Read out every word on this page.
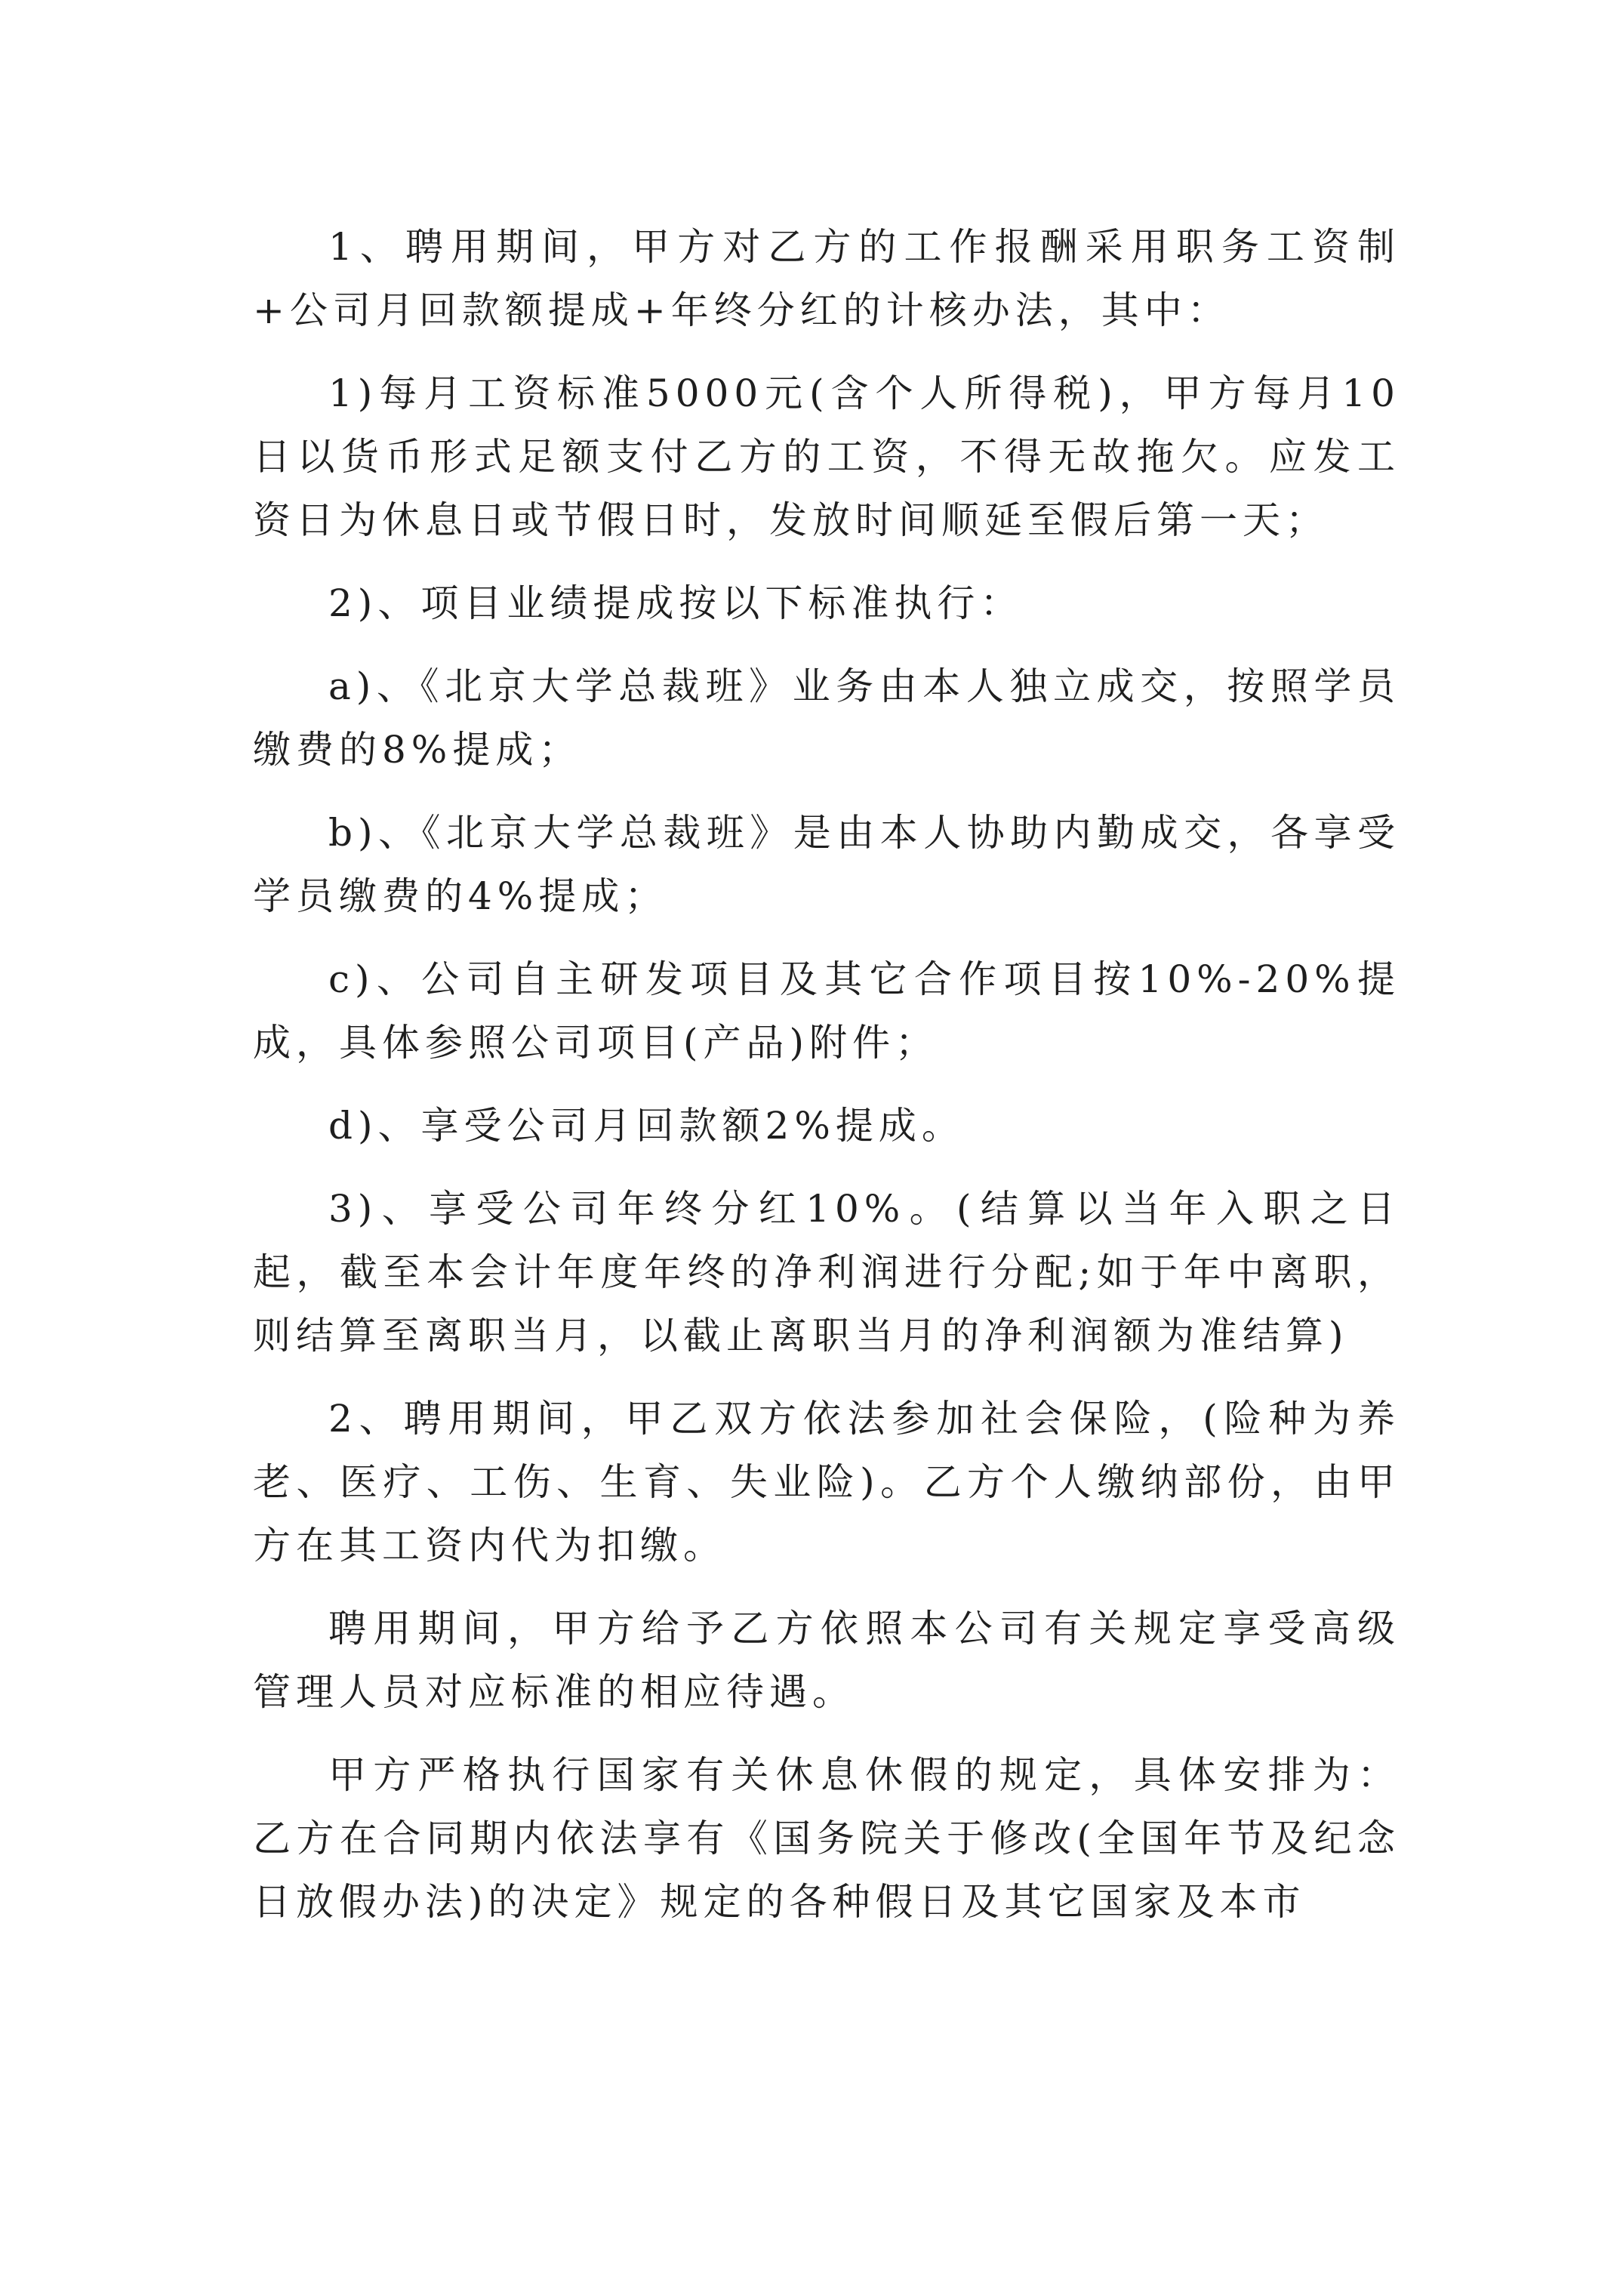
1、聘用期间，甲方对乙方的工作报酬采用职务工资制+公司月回款额提成+年终分红的计核办法，其中：

1)每月工资标准5000元(含个人所得税)，甲方每月10日以货币形式足额支付乙方的工资，不得无故拖欠。应发工资日为休息日或节假日时，发放时间顺延至假后第一天；

2)、项目业绩提成按以下标准执行：

a)、《北京大学总裁班》业务由本人独立成交，按照学员缴费的8%提成；

b)、《北京大学总裁班》是由本人协助内勤成交，各享受学员缴费的4%提成；

c)、公司自主研发项目及其它合作项目按10%-20%提成，具体参照公司项目(产品)附件；

d)、享受公司月回款额2%提成。

3)、享受公司年终分红10%。(结算以当年入职之日起，截至本会计年度年终的净利润进行分配;如于年中离职，则结算至离职当月，以截止离职当月的净利润额为准结算)

2、聘用期间，甲乙双方依法参加社会保险，(险种为养老、医疗、工伤、生育、失业险)。乙方个人缴纳部份，由甲方在其工资内代为扣缴。

聘用期间，甲方给予乙方依照本公司有关规定享受高级管理人员对应标准的相应待遇。

甲方严格执行国家有关休息休假的规定，具体安排为：乙方在合同期内依法享有《国务院关于修改(全国年节及纪念日放假办法)的决定》规定的各种假日及其它国家及本市
